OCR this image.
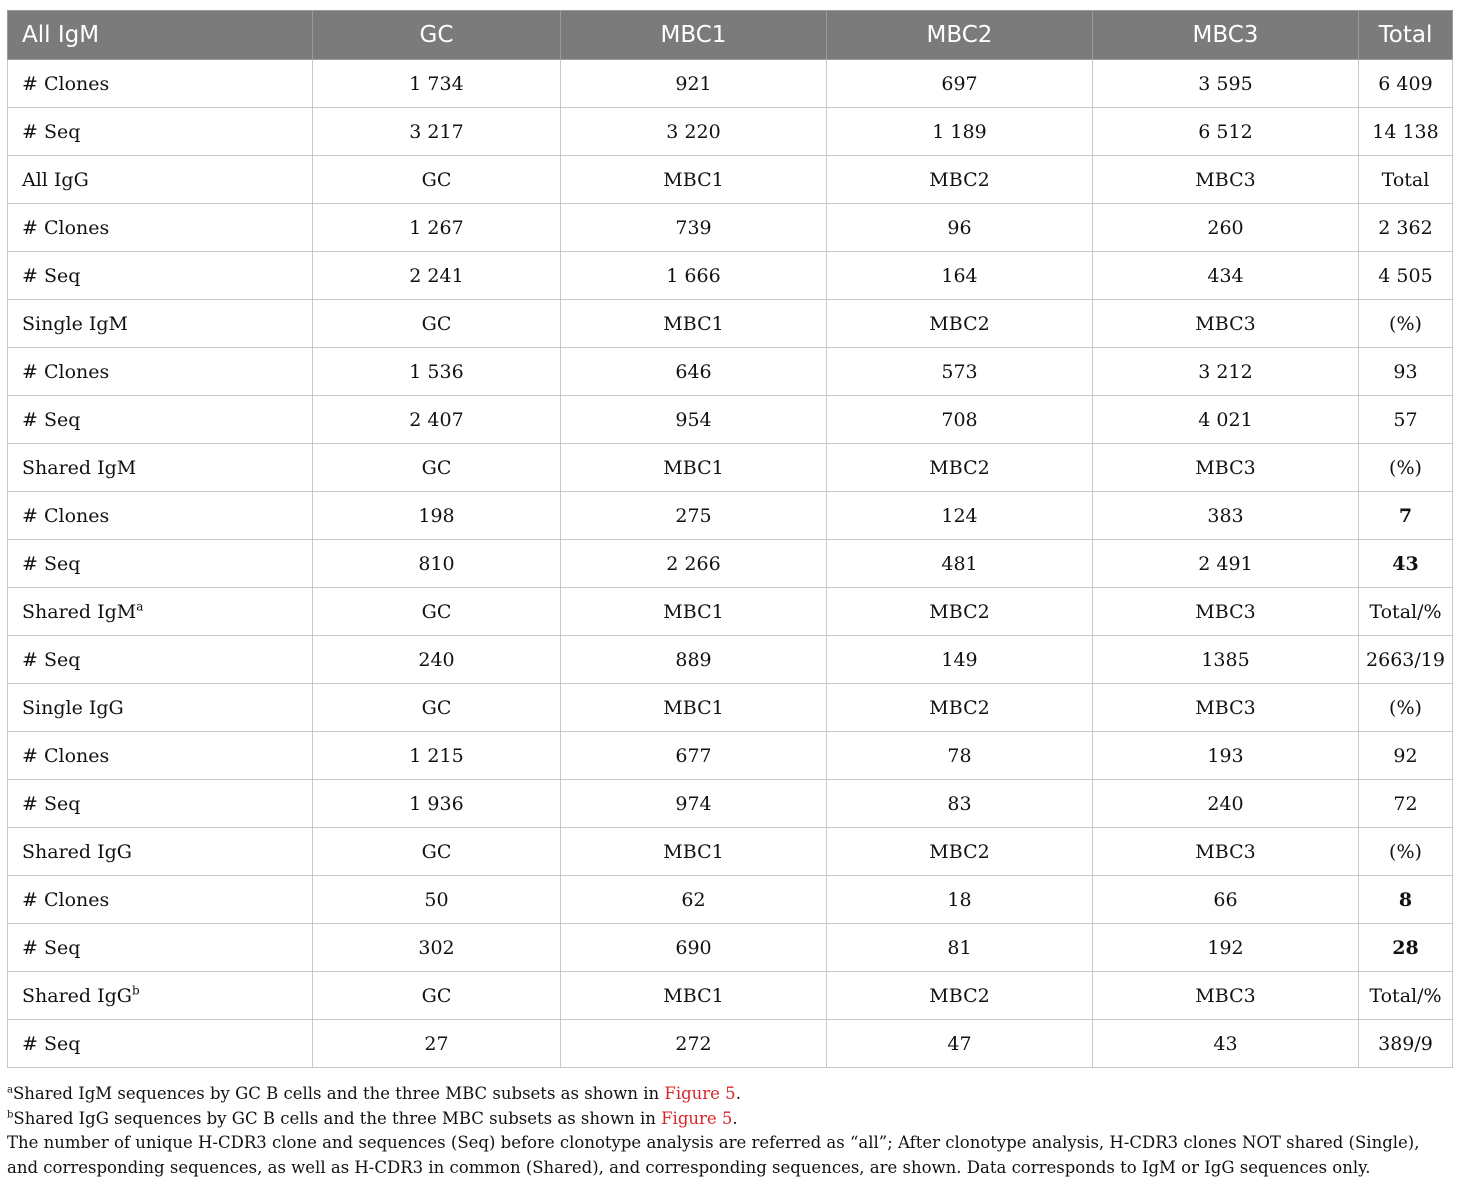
All IgM	GC	MBC1	MBC2	MBC3	Total
# Clones	1 734	921	697	3 595	6 409
# Seq	3 217	3 220	1 189	6 512	14 138
All IgG	GC	MBC1	MBC2	MBC3	Total
# Clones	1 267	739	96	260	2 362
# Seq	2 241	1 666	164	434	4 505
Single IgM	GC	MBC1	MBC2	MBC3	(%)
# Clones	1 536	646	573	3 212	93
# Seq	2 407	954	708	4 021	57
Shared IgM	GC	MBC1	MBC2	MBC3	(%)
# Clones	198	275	124	383	7
# Seq	810	2 266	481	2 491	43
Shared IgM$^a$	GC	MBC1	MBC2	MBC3	Total/%
# Seq	240	889	149	1385	2663/19
Single IgG	GC	MBC1	MBC2	MBC3	(%)
# Clones	1 215	677	78	193	92
# Seq	1 936	974	83	240	72
Shared IgG	GC	MBC1	MBC2	MBC3	(%)
# Clones	50	62	18	66	8
# Seq	302	690	81	192	28
Shared IgG$^b$	GC	MBC1	MBC2	MBC3	Total/%
# Seq	27	272	47	43	389/9

$^a$Shared IgM sequences by GC B cells and the three MBC subsets as shown in Figure 5.

$^b$Shared IgG sequences by GC B cells and the three MBC subsets as shown in Figure 5.

The number of unique H-CDR3 clone and sequences (Seq) before clonotype analysis are referred as “all”; After clonotype analysis, H-CDR3 clones NOT shared (Single), and corresponding sequences, as well as H-CDR3 in common (Shared), and corresponding sequences, are shown. Data corresponds to IgM or IgG sequences only.
